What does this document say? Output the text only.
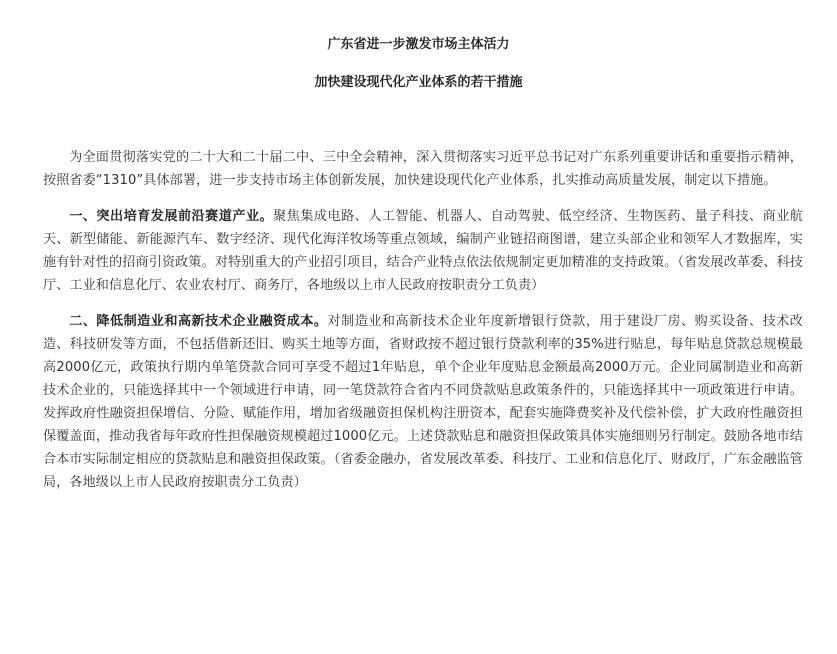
广东省进一步激发市场主体活力

加快建设现代化产业体系的若干措施

为全面贯彻落实党的二十大和二十届二中、三中全会精神，深入贯彻落实习近平总书记对广东系列重要讲话和重要指示精神，按照省委“1310”具体部署，进一步支持市场主体创新发展，加快建设现代化产业体系，扎实推动高质量发展，制定以下措施。

一、突出培育发展前沿赛道产业。聚焦集成电路、人工智能、机器人、自动驾驶、低空经济、生物医药、量子科技、商业航天、新型储能、新能源汽车、数字经济、现代化海洋牧场等重点领域，编制产业链招商图谱，建立头部企业和领军人才数据库，实施有针对性的招商引资政策。对特别重大的产业招引项目，结合产业特点依法依规制定更加精准的支持政策。（省发展改革委、科技厅、工业和信息化厅、农业农村厅、商务厅，各地级以上市人民政府按职责分工负责）

二、降低制造业和高新技术企业融资成本。对制造业和高新技术企业年度新增银行贷款，用于建设厂房、购买设备、技术改造、科技研发等方面，不包括借新还旧、购买土地等方面，省财政按不超过银行贷款利率的35%进行贴息，每年贴息贷款总规模最高2000亿元，政策执行期内单笔贷款合同可享受不超过1年贴息，单个企业年度贴息金额最高2000万元。企业同属制造业和高新技术企业的，只能选择其中一个领域进行申请，同一笔贷款符合省内不同贷款贴息政策条件的，只能选择其中一项政策进行申请。发挥政府性融资担保增信、分险、赋能作用，增加省级融资担保机构注册资本，配套实施降费奖补及代偿补偿，扩大政府性融资担保覆盖面，推动我省每年政府性担保融资规模超过1000亿元。上述贷款贴息和融资担保政策具体实施细则另行制定。鼓励各地市结合本市实际制定相应的贷款贴息和融资担保政策。（省委金融办，省发展改革委、科技厅、工业和信息化厅、财政厅，广东金融监管局，各地级以上市人民政府按职责分工负责）
